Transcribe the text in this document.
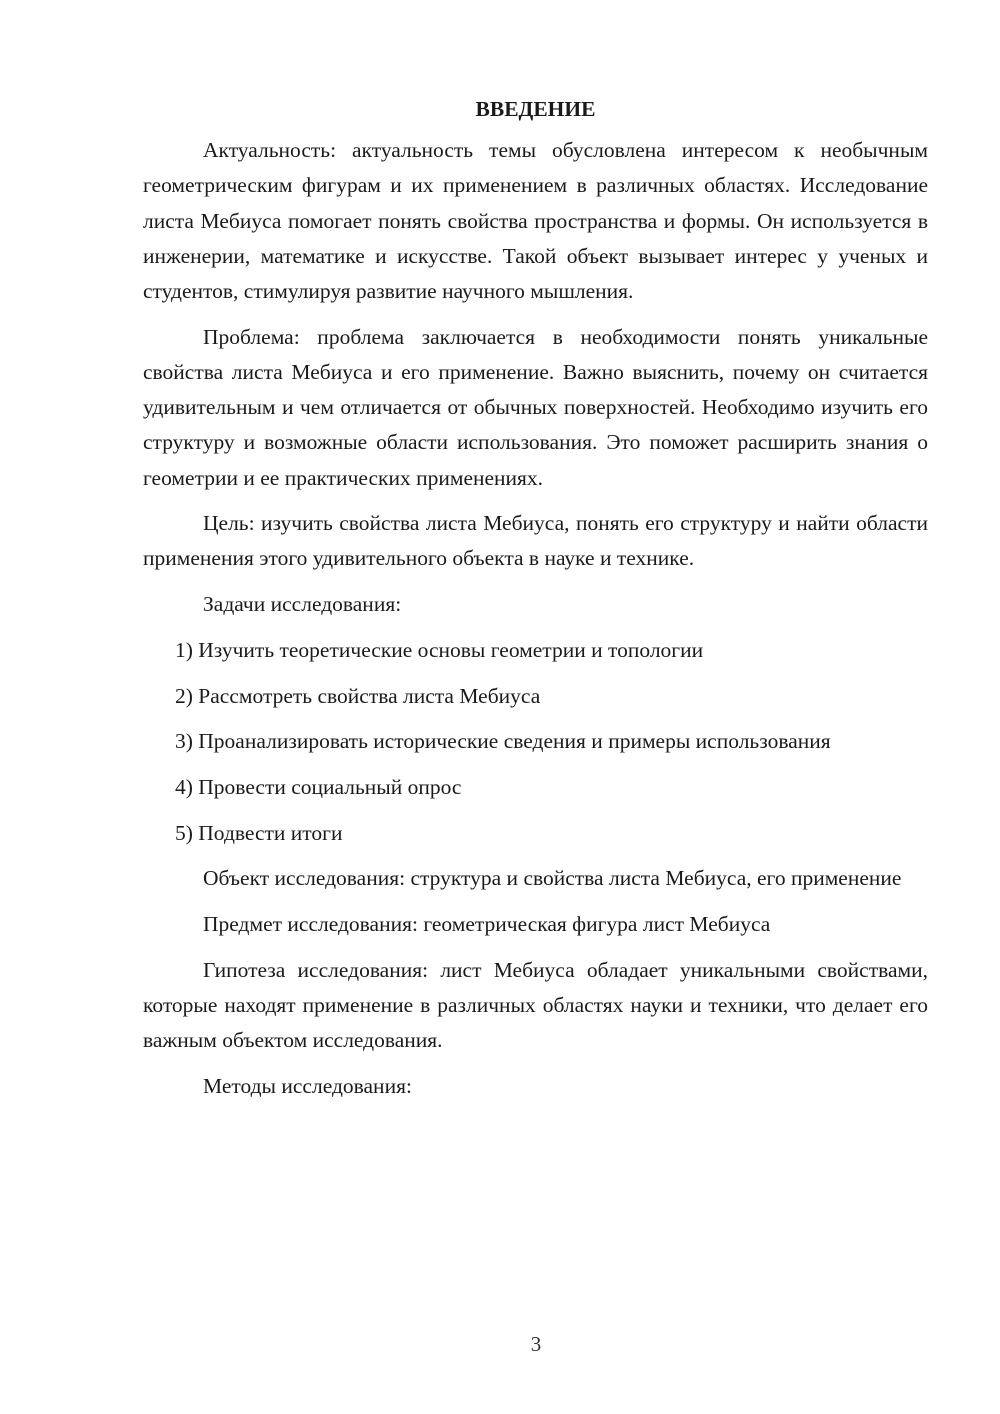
ВВЕДЕНИЕ

Актуальность: актуальность темы обусловлена интересом к необычным геометрическим фигурам и их применением в различных областях. Исследование листа Мебиуса помогает понять свойства пространства и формы. Он используется в инженерии, математике и искусстве. Такой объект вызывает интерес у ученых и студентов, стимулируя развитие научного мышления.

Проблема: проблема заключается в необходимости понять уникальные свойства листа Мебиуса и его применение. Важно выяснить, почему он считается удивительным и чем отличается от обычных поверхностей. Необходимо изучить его структуру и возможные области использования. Это поможет расширить знания о геометрии и ее практических применениях.

Цель: изучить свойства листа Мебиуса, понять его структуру и найти области применения этого удивительного объекта в науке и технике.

Задачи исследования:

1) Изучить теоретические основы геометрии и топологии

2) Рассмотреть свойства листа Мебиуса

3) Проанализировать исторические сведения и примеры использования

4) Провести социальный опрос

5) Подвести итоги

Объект исследования: структура и свойства листа Мебиуса, его применение

Предмет исследования: геометрическая фигура лист Мебиуса

Гипотеза исследования: лист Мебиуса обладает уникальными свойствами, которые находят применение в различных областях науки и техники, что делает его важным объектом исследования.

Методы исследования:

3
